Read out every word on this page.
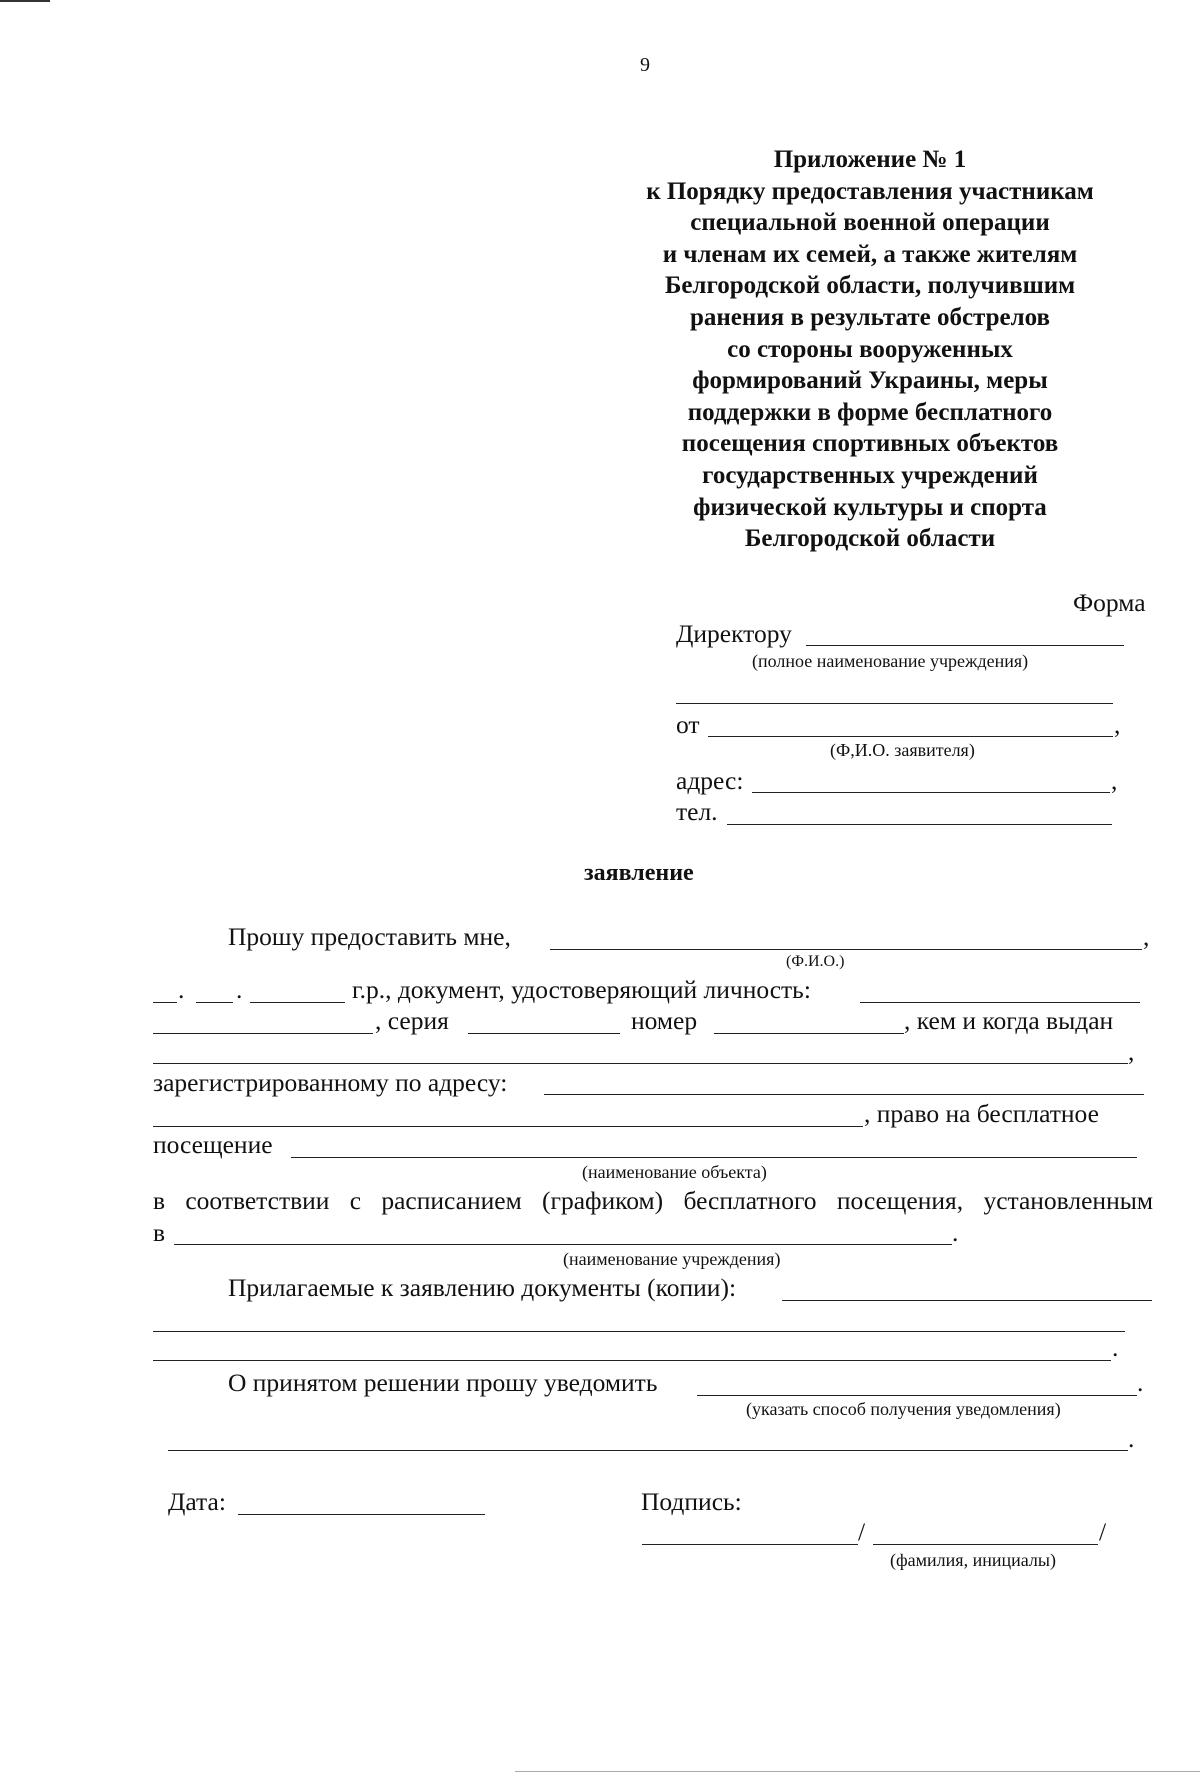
9
Приложение № 1
к Порядку предоставления участникам
специальной военной операции
и членам их семей, а также жителям
Белгородской области, получившим
ранения в результате обстрелов
со стороны вооруженных
формирований Украины, меры
поддержки в форме бесплатного
посещения спортивных объектов
государственных учреждений
физической культуры и спорта
Белгородской области
Форма
Директору
(полное наименование учреждения)
от	,
(Ф,И.О. заявителя)
адрес:	,
тел.
заявление
Прошу предоставить мне,	,
(Ф.И.О.)
. .	г.р., документ, удостоверяющий личность:
, серия	номер	, кем и когда выдан
,
зарегистрированному по адресу:
, право на бесплатное
посещение
(наименование объекта)
в соответствии с расписанием (графиком) бесплатного посещения, установленным
в	.
(наименование учреждения)
Прилагаемые к заявлению документы (копии):
.
О принятом решении прошу уведомить	.
(указать способ получения уведомления)
.
Дата:	Подпись:
/	/
(фамилия, инициалы)
